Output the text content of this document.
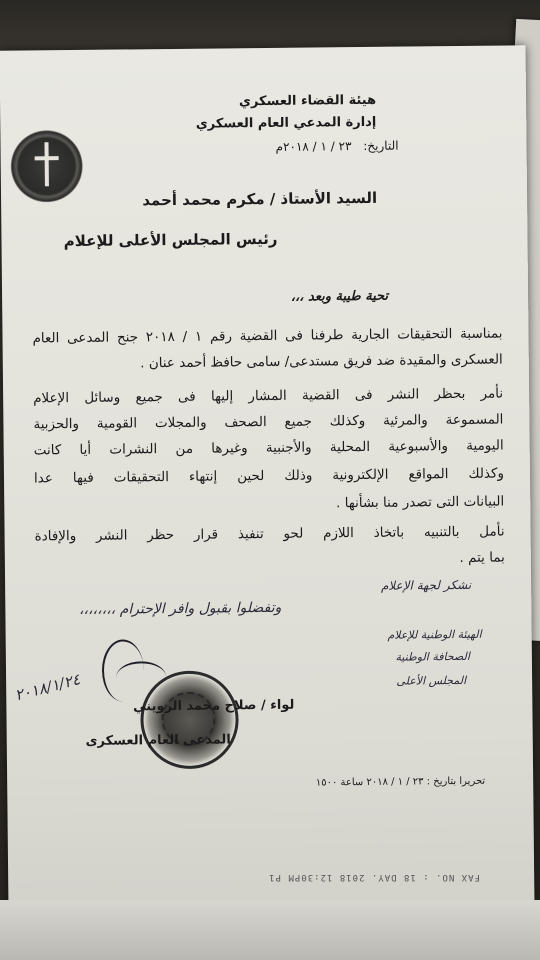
هيئة القضاء العسكري
إدارة المدعي العام العسكري
التاريخ: ٢٣ / ١ / ٢٠١٨م
السيد الأستاذ / مكرم محمد أحمد
رئيس المجلس الأعلى للإعلام
تحية طيبة وبعد ،،،
بمناسبة التحقيقات الجارية طرفنا فى القضية رقم ١ / ٢٠١٨ جنح المدعى العام
العسكرى والمقيدة ضد فريق مستدعى/ سامى حافظ أحمد عنان .
نأمر بحظر النشر فى القضية المشار إليها فى جميع وسائل الإعلام
المسموعة والمرئية وكذلك جميع الصحف والمجلات القومية والحزبية
اليومية والأسبوعية المحلية والأجنبية وغيرها من النشرات أيا كانت
وكذلك المواقع الإلكترونية وذلك لحين إنتهاء التحقيقات فيها عدا
البيانات التى تصدر منا بشأنها .
نأمل بالتنبيه باتخاذ اللازم لحو تنفيذ قرار حظر النشر والإفادة
بما يتم .
وتفضلوا بقبول وافر الإحترام ،،،،،،،،
نشكر لجهة الإعلام
الهيئة الوطنية للإعلام
الصحافة الوطنية
المجلس الأعلى
٢٠١٨/١/٢٤
لواء / صلاح محمد الرويني
المدعى العام العسكرى
تحريرا بتاريخ : ٢٣ / ١ / ٢٠١٨ ساعة ١٥٠٠
FAX NO. : 18 DAY. 2018 12:30PM P1
